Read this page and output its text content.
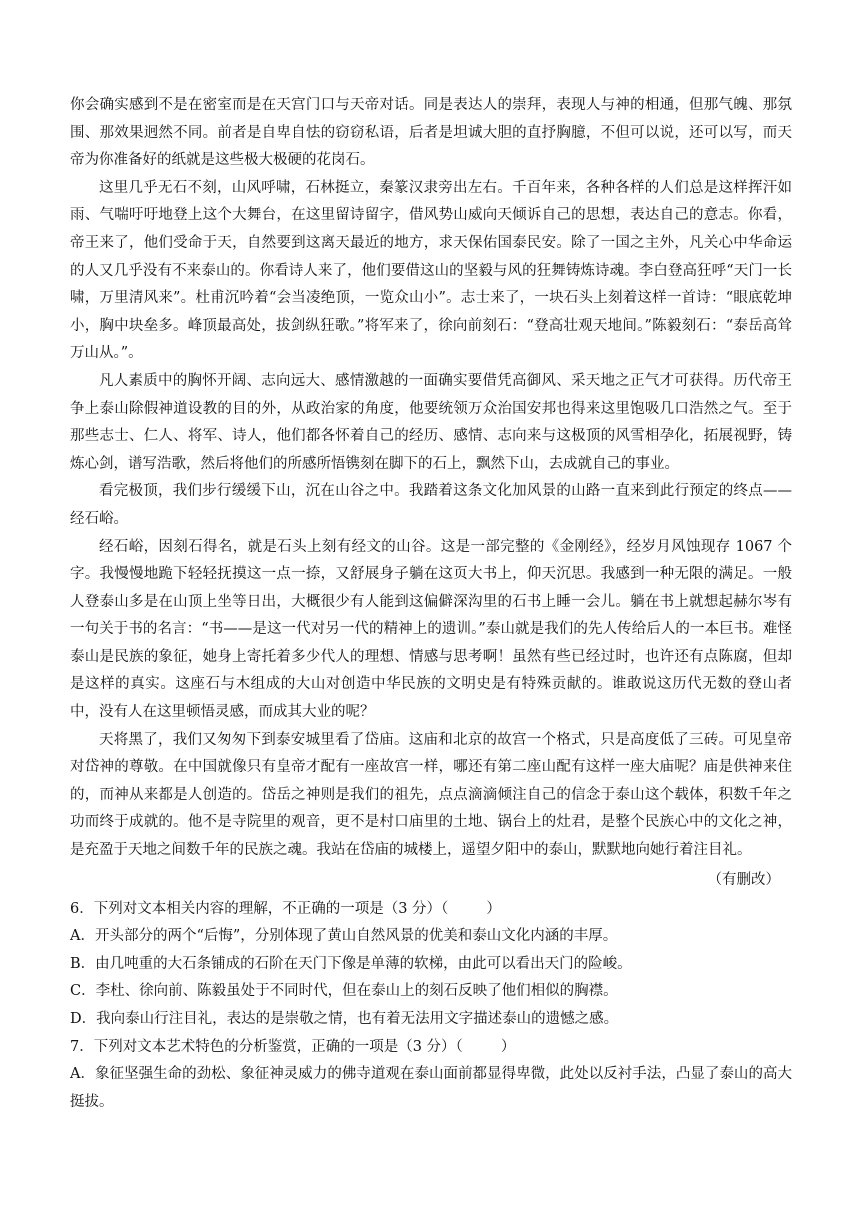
你会确实感到不是在密室而是在天宫门口与天帝对话。同是表达人的崇拜，表现人与神的相通，但那气魄、那氛围、那效果迥然不同。前者是自卑自怯的窃窃私语，后者是坦诚大胆的直抒胸臆，不但可以说，还可以写，而天帝为你准备好的纸就是这些极大极硬的花岗石。

这里几乎无石不刻，山风呼啸，石林挺立，秦篆汉隶旁出左右。千百年来，各种各样的人们总是这样挥汗如雨、气喘吁吁地登上这个大舞台，在这里留诗留字，借风势山威向天倾诉自己的思想，表达自己的意志。你看，帝王来了，他们受命于天，自然要到这离天最近的地方，求天保佑国泰民安。除了一国之主外，凡关心中华命运的人又几乎没有不来泰山的。你看诗人来了，他们要借这山的坚毅与风的狂舞铸炼诗魂。李白登高狂呼“天门一长啸，万里清风来”。杜甫沉吟着“会当凌绝顶，一览众山小”。志士来了，一块石头上刻着这样一首诗：“眼底乾坤小，胸中块垒多。峰顶最高处，拔剑纵狂歌。”将军来了，徐向前刻石：“登高壮观天地间。”陈毅刻石：“泰岳高耸万山从。”。

凡人素质中的胸怀开阔、志向远大、感情激越的一面确实要借凭高御风、采天地之正气才可获得。历代帝王争上泰山除假神道设教的目的外，从政治家的角度，他要统领万众治国安邦也得来这里饱吸几口浩然之气。至于那些志士、仁人、将军、诗人，他们都各怀着自己的经历、感情、志向来与这极顶的风雪相孕化，拓展视野，铸炼心剑，谱写浩歌，然后将他们的所感所悟镌刻在脚下的石上，飘然下山，去成就自己的事业。

看完极顶，我们步行缓缓下山，沉在山谷之中。我踏着这条文化加风景的山路一直来到此行预定的终点——经石峪。

经石峪，因刻石得名，就是石头上刻有经文的山谷。这是一部完整的《金刚经》，经岁月风蚀现存 1067 个字。我慢慢地跪下轻轻抚摸这一点一捺，又舒展身子躺在这页大书上，仰天沉思。我感到一种无限的满足。一般人登泰山多是在山顶上坐等日出，大概很少有人能到这偏僻深沟里的石书上睡一会儿。躺在书上就想起赫尔岑有一句关于书的名言：“书——是这一代对另一代的精神上的遗训。”泰山就是我们的先人传给后人的一本巨书。难怪泰山是民族的象征，她身上寄托着多少代人的理想、情感与思考啊！虽然有些已经过时，也许还有点陈腐，但却是这样的真实。这座石与木组成的大山对创造中华民族的文明史是有特殊贡献的。谁敢说这历代无数的登山者中，没有人在这里顿悟灵感，而成其大业的呢？

天将黑了，我们又匆匆下到泰安城里看了岱庙。这庙和北京的故宫一个格式，只是高度低了三砖。可见皇帝对岱神的尊敬。在中国就像只有皇帝才配有一座故宫一样，哪还有第二座山配有这样一座大庙呢？庙是供神来住的，而神从来都是人创造的。岱岳之神则是我们的祖先，点点滴滴倾注自己的信念于泰山这个载体，积数千年之功而终于成就的。他不是寺院里的观音，更不是村口庙里的土地、锅台上的灶君，是整个民族心中的文化之神，是充盈于天地之间数千年的民族之魂。我站在岱庙的城楼上，遥望夕阳中的泰山，默默地向她行着注目礼。

（有删改）

6．下列对文本相关内容的理解，不正确的一项是（3 分）（	）
A．开头部分的两个“后悔”，分别体现了黄山自然风景的优美和泰山文化内涵的丰厚。
B．由几吨重的大石条铺成的石阶在天门下像是单薄的软梯，由此可以看出天门的险峻。
C．李杜、徐向前、陈毅虽处于不同时代，但在泰山上的刻石反映了他们相似的胸襟。
D．我向泰山行注目礼，表达的是崇敬之情，也有着无法用文字描述泰山的遗憾之感。
7．下列对文本艺术特色的分析鉴赏，正确的一项是（3 分）（	）
A．象征坚强生命的劲松、象征神灵威力的佛寺道观在泰山面前都显得卑微，此处以反衬手法，凸显了泰山的高大挺拔。
